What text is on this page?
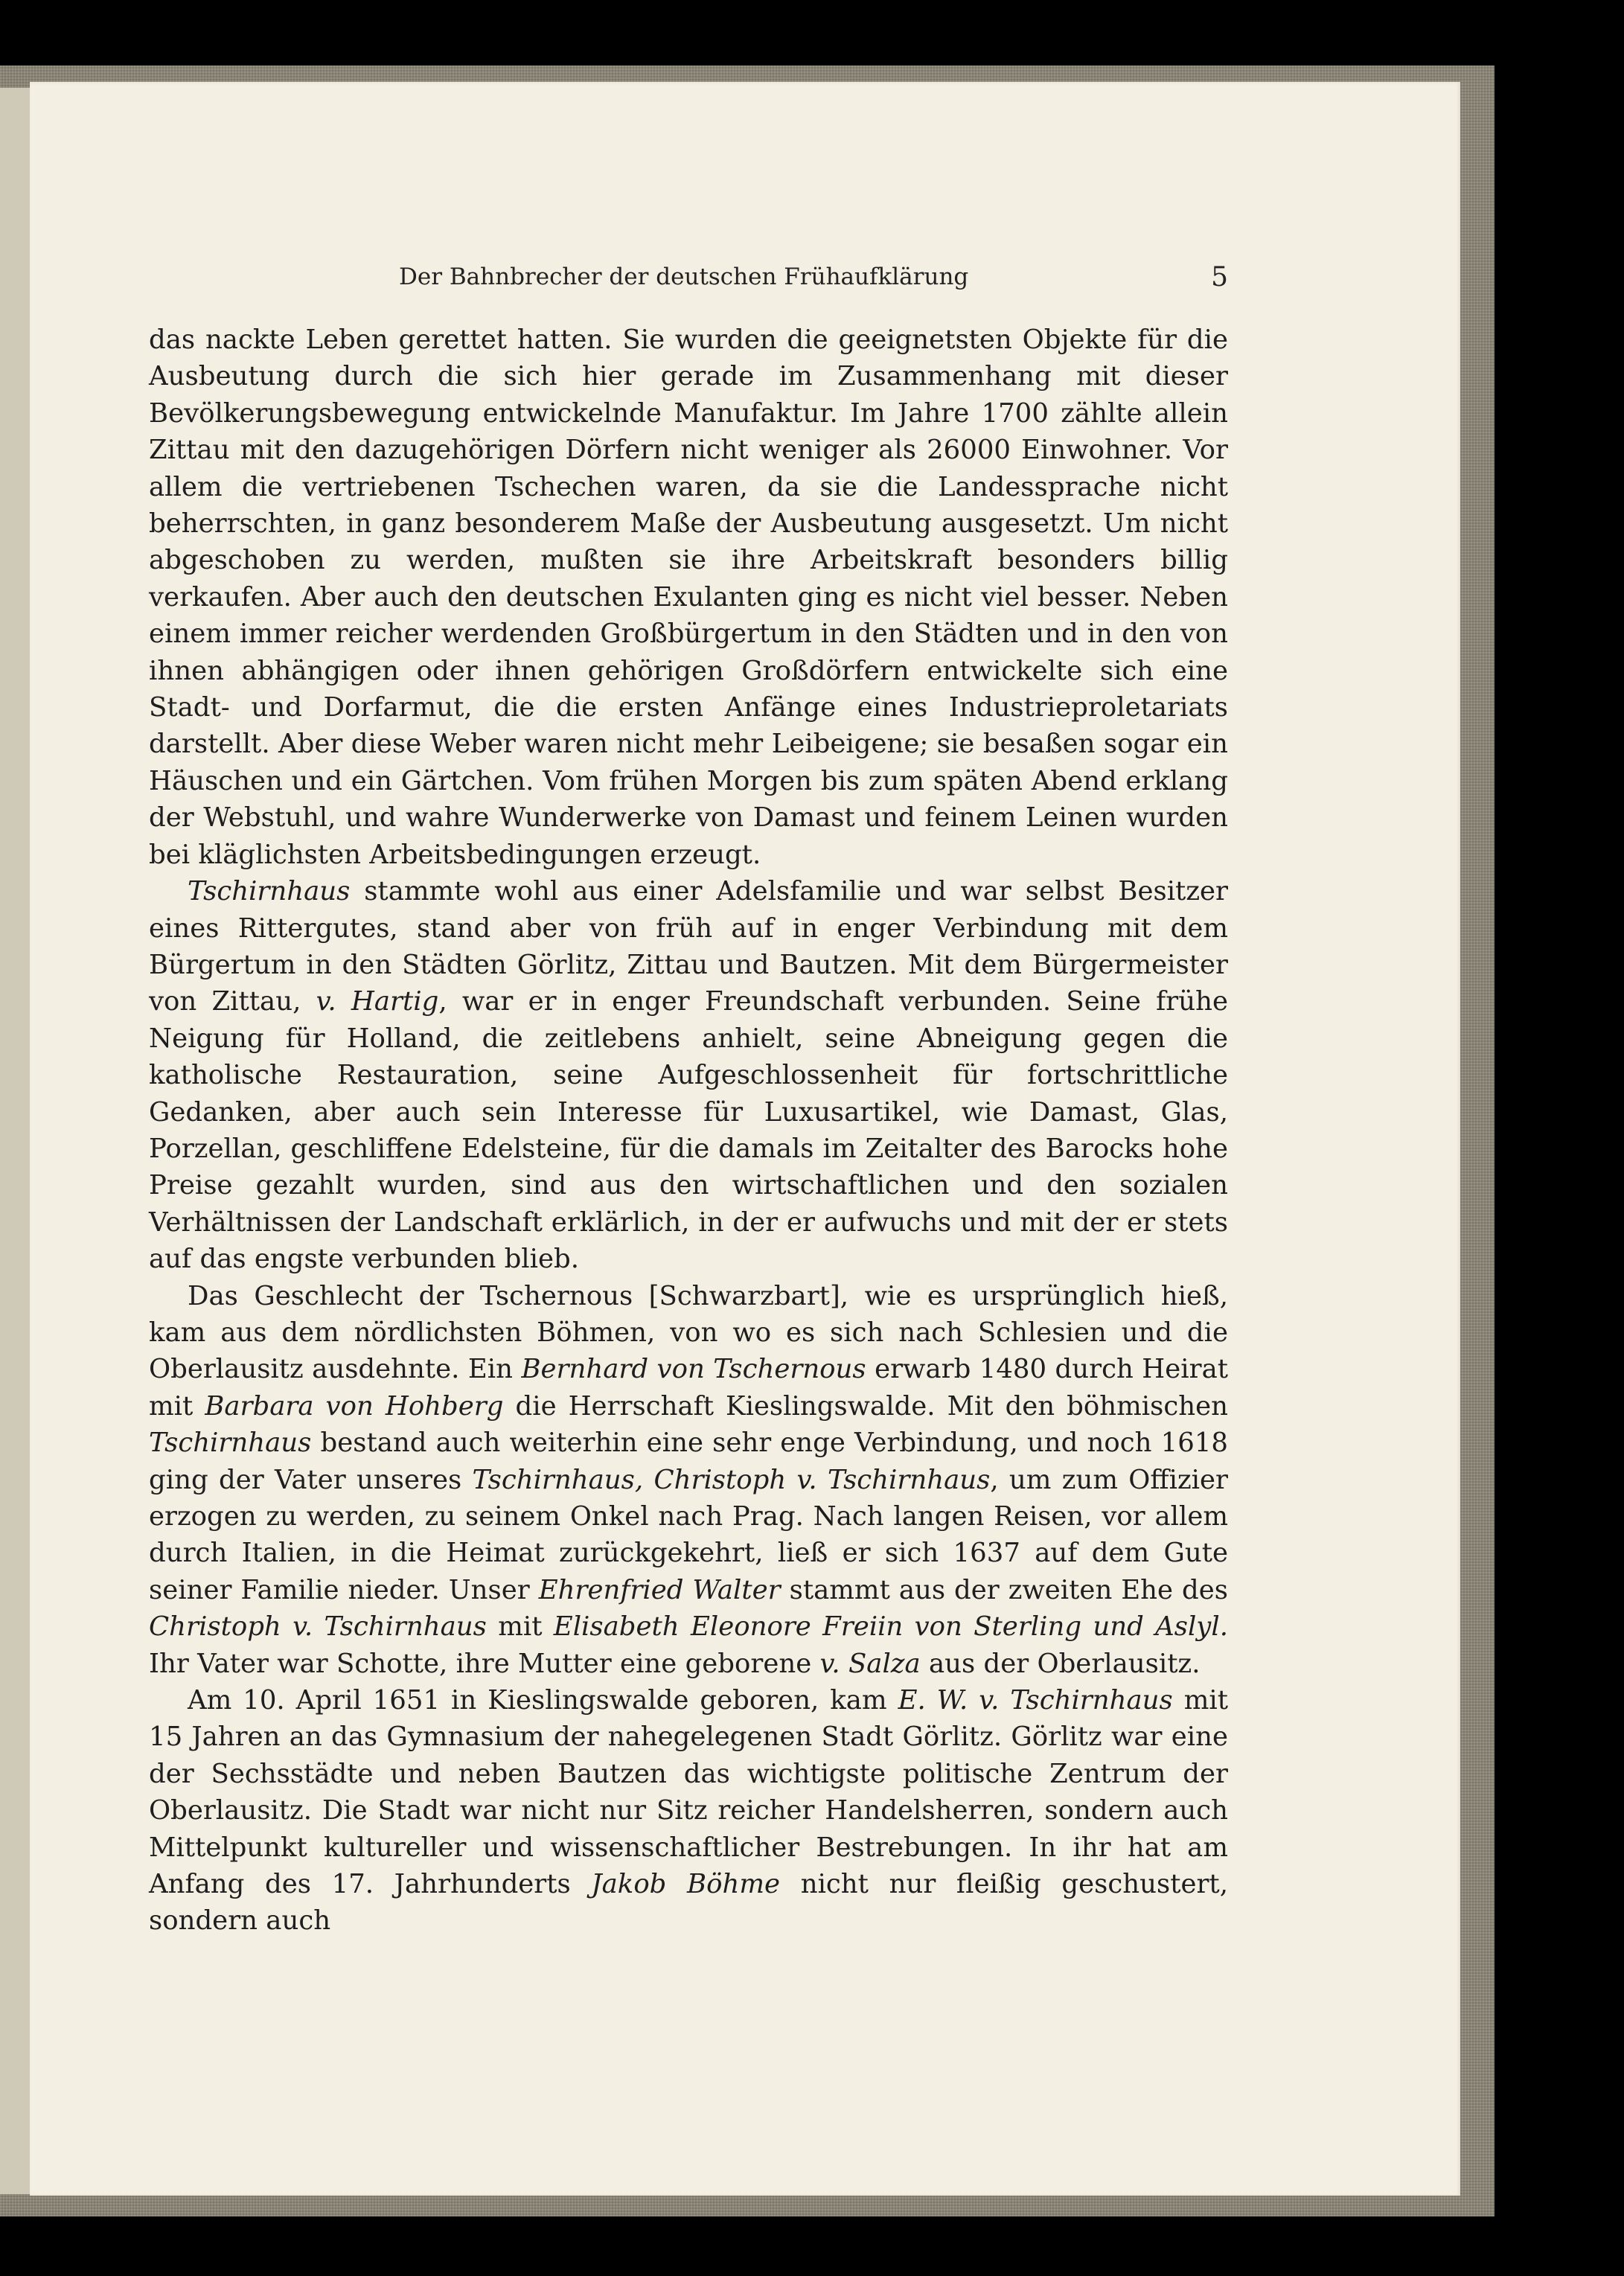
Der Bahnbrecher der deutschen Frühaufklärung	5

das nackte Leben gerettet hatten. Sie wurden die geeignetsten Objekte für die Ausbeutung durch die sich hier gerade im Zusammenhang mit dieser Bevölkerungsbewegung entwickelnde Manufaktur. Im Jahre 1700 zählte allein Zittau mit den dazugehörigen Dörfern nicht weniger als 26000 Einwohner. Vor allem die vertriebenen Tschechen waren, da sie die Landessprache nicht beherrschten, in ganz besonderem Maße der Ausbeutung ausgesetzt. Um nicht abgeschoben zu werden, mußten sie ihre Arbeitskraft besonders billig verkaufen. Aber auch den deutschen Exulanten ging es nicht viel besser. Neben einem immer reicher werdenden Großbürgertum in den Städten und in den von ihnen abhängigen oder ihnen gehörigen Großdörfern entwickelte sich eine Stadt- und Dorfarmut, die die ersten Anfänge eines Industrieproletariats darstellt. Aber diese Weber waren nicht mehr Leibeigene; sie besaßen sogar ein Häuschen und ein Gärtchen. Vom frühen Morgen bis zum späten Abend erklang der Webstuhl, und wahre Wunderwerke von Damast und feinem Leinen wurden bei kläglichsten Arbeitsbedingungen erzeugt.

Tschirnhaus stammte wohl aus einer Adelsfamilie und war selbst Besitzer eines Rittergutes, stand aber von früh auf in enger Verbindung mit dem Bürgertum in den Städten Görlitz, Zittau und Bautzen. Mit dem Bürgermeister von Zittau, v. Hartig, war er in enger Freundschaft verbunden. Seine frühe Neigung für Holland, die zeitlebens anhielt, seine Abneigung gegen die katholische Restauration, seine Aufgeschlossenheit für fortschrittliche Gedanken, aber auch sein Interesse für Luxusartikel, wie Damast, Glas, Porzellan, geschliffene Edelsteine, für die damals im Zeitalter des Barocks hohe Preise gezahlt wurden, sind aus den wirtschaftlichen und den sozialen Verhältnissen der Landschaft erklärlich, in der er aufwuchs und mit der er stets auf das engste verbunden blieb.

Das Geschlecht der Tschernous [Schwarzbart], wie es ursprünglich hieß, kam aus dem nördlichsten Böhmen, von wo es sich nach Schlesien und die Oberlausitz ausdehnte. Ein Bernhard von Tschernous erwarb 1480 durch Heirat mit Barbara von Hohberg die Herrschaft Kieslingswalde. Mit den böhmischen Tschirnhaus bestand auch weiterhin eine sehr enge Verbindung, und noch 1618 ging der Vater unseres Tschirnhaus, Christoph v. Tschirnhaus, um zum Offizier erzogen zu werden, zu seinem Onkel nach Prag. Nach langen Reisen, vor allem durch Italien, in die Heimat zurückgekehrt, ließ er sich 1637 auf dem Gute seiner Familie nieder. Unser Ehrenfried Walter stammt aus der zweiten Ehe des Christoph v. Tschirnhaus mit Elisabeth Eleonore Freiin von Sterling und Aslyl. Ihr Vater war Schotte, ihre Mutter eine geborene v. Salza aus der Oberlausitz.

Am 10. April 1651 in Kieslingswalde geboren, kam E. W. v. Tschirnhaus mit 15 Jahren an das Gymnasium der nahegelegenen Stadt Görlitz. Görlitz war eine der Sechsstädte und neben Bautzen das wichtigste politische Zentrum der Oberlausitz. Die Stadt war nicht nur Sitz reicher Handelsherren, sondern auch Mittelpunkt kultureller und wissenschaftlicher Bestrebungen. In ihr hat am Anfang des 17. Jahrhunderts Jakob Böhme nicht nur fleißig geschustert, sondern auch
